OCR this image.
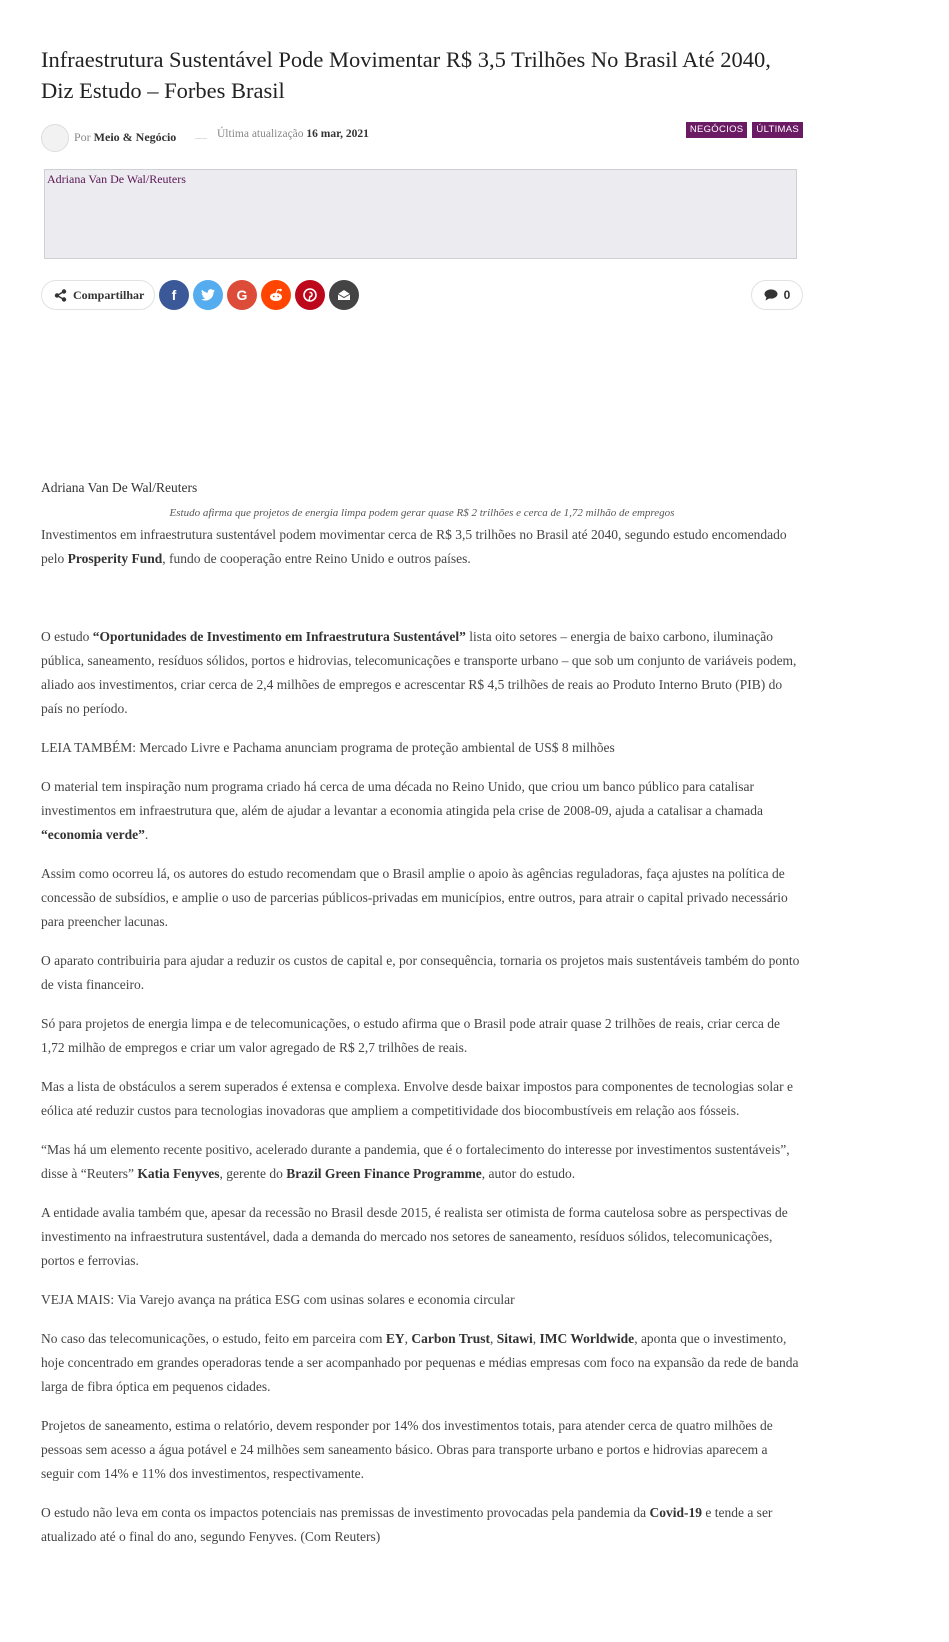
Infraestrutura Sustentável Pode Movimentar R$ 3,5 Trilhões No Brasil Até 2040, Diz Estudo – Forbes Brasil
Por Meio & Negócio — Última atualização 16 mar, 2021	NEGÓCIOS	ÚLTIMAS
Adriana Van De Wal/Reuters
Compartilhar f	G	0
Adriana Van De Wal/Reuters
Estudo afirma que projetos de energia limpa podem gerar quase R$ 2 trilhões e cerca de 1,72 milhão de empregos

Investimentos em infraestrutura sustentável podem movimentar cerca de R$ 3,5 trilhões no Brasil até 2040, segundo estudo encomendado pelo Prosperity Fund, fundo de cooperação entre Reino Unido e outros países.

O estudo “Oportunidades de Investimento em Infraestrutura Sustentável” lista oito setores – energia de baixo carbono, iluminação pública, saneamento, resíduos sólidos, portos e hidrovias, telecomunicações e transporte urbano – que sob um conjunto de variáveis podem, aliado aos investimentos, criar cerca de 2,4 milhões de empregos e acrescentar R$ 4,5 trilhões de reais ao Produto Interno Bruto (PIB) do país no período.

LEIA TAMBÉM: Mercado Livre e Pachama anunciam programa de proteção ambiental de US$ 8 milhões

O material tem inspiração num programa criado há cerca de uma década no Reino Unido, que criou um banco público para catalisar investimentos em infraestrutura que, além de ajudar a levantar a economia atingida pela crise de 2008-09, ajuda a catalisar a chamada “economia verde”.

Assim como ocorreu lá, os autores do estudo recomendam que o Brasil amplie o apoio às agências reguladoras, faça ajustes na política de concessão de subsídios, e amplie o uso de parcerias públicos-privadas em municípios, entre outros, para atrair o capital privado necessário para preencher lacunas.

O aparato contribuiria para ajudar a reduzir os custos de capital e, por consequência, tornaria os projetos mais sustentáveis também do ponto de vista financeiro.

Só para projetos de energia limpa e de telecomunicações, o estudo afirma que o Brasil pode atrair quase 2 trilhões de reais, criar cerca de 1,72 milhão de empregos e criar um valor agregado de R$ 2,7 trilhões de reais.

Mas a lista de obstáculos a serem superados é extensa e complexa. Envolve desde baixar impostos para componentes de tecnologias solar e eólica até reduzir custos para tecnologias inovadoras que ampliem a competitividade dos biocombustíveis em relação aos fósseis.

“Mas há um elemento recente positivo, acelerado durante a pandemia, que é o fortalecimento do interesse por investimentos sustentáveis”, disse à “Reuters” Katia Fenyves, gerente do Brazil Green Finance Programme, autor do estudo.

A entidade avalia também que, apesar da recessão no Brasil desde 2015, é realista ser otimista de forma cautelosa sobre as perspectivas de investimento na infraestrutura sustentável, dada a demanda do mercado nos setores de saneamento, resíduos sólidos, telecomunicações, portos e ferrovias.

VEJA MAIS: Via Varejo avança na prática ESG com usinas solares e economia circular

No caso das telecomunicações, o estudo, feito em parceira com EY, Carbon Trust, Sitawi, IMC Worldwide, aponta que o investimento, hoje concentrado em grandes operadoras tende a ser acompanhado por pequenas e médias empresas com foco na expansão da rede de banda larga de fibra óptica em pequenos cidades.

Projetos de saneamento, estima o relatório, devem responder por 14% dos investimentos totais, para atender cerca de quatro milhões de pessoas sem acesso a água potável e 24 milhões sem saneamento básico. Obras para transporte urbano e portos e hidrovias aparecem a seguir com 14% e 11% dos investimentos, respectivamente.

O estudo não leva em conta os impactos potenciais nas premissas de investimento provocadas pela pandemia da Covid-19 e tende a ser atualizado até o final do ano, segundo Fenyves. (Com Reuters)
